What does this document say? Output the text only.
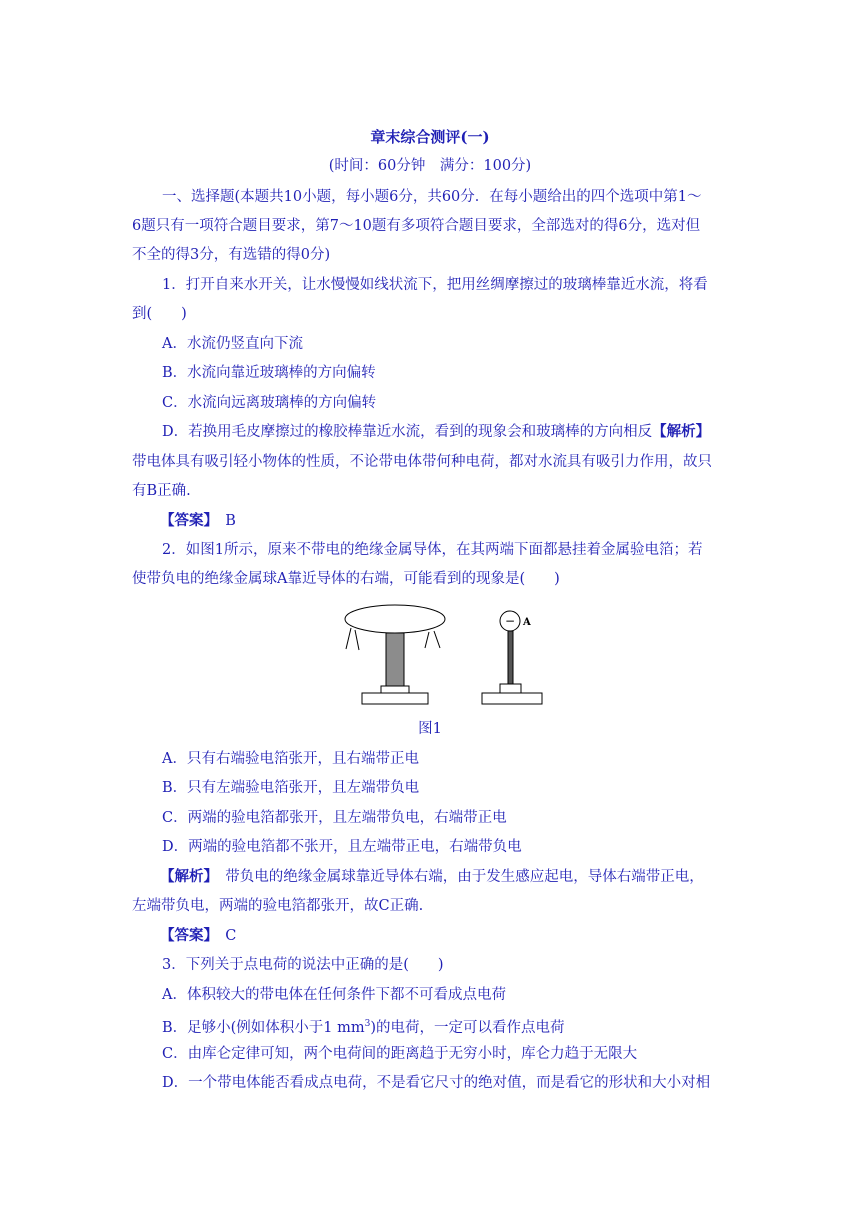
章末综合测评(一)
(时间：60分钟　满分：100分)
一、选择题(本题共10小题，每小题6分，共60分．在每小题给出的四个选项中第1～
6题只有一项符合题目要求，第7～10题有多项符合题目要求，全部选对的得6分，选对但
不全的得3分，有选错的得0分)
1．打开自来水开关，让水慢慢如线状流下，把用丝绸摩擦过的玻璃棒靠近水流，将看
到(　　)
A．水流仍竖直向下流
B．水流向靠近玻璃棒的方向偏转
C．水流向远离玻璃棒的方向偏转
D．若换用毛皮摩擦过的橡胶棒靠近水流，看到的现象会和玻璃棒的方向相反【解析】
带电体具有吸引轻小物体的性质，不论带电体带何种电荷，都对水流具有吸引力作用，故只
有B正确.
【答案】　 B
2．如图1所示，原来不带电的绝缘金属导体，在其两端下面都悬挂着金属验电箔；若
使带负电的绝缘金属球A靠近导体的右端，可能看到的现象是(　　)
− A
图1
A．只有右端验电箔张开，且右端带正电
B．只有左端验电箔张开，且左端带负电
C．两端的验电箔都张开，且左端带负电，右端带正电
D．两端的验电箔都不张开，且左端带正电，右端带负电
【解析】　 带负电的绝缘金属球靠近导体右端，由于发生感应起电，导体右端带正电，
左端带负电，两端的验电箔都张开，故C正确.
【答案】　 C
3．下列关于点电荷的说法中正确的是(　　)
A．体积较大的带电体在任何条件下都不可看成点电荷
B．足够小(例如体积小于1 $mm^3$)的电荷，一定可以看作点电荷
C．由库仑定律可知，两个电荷间的距离趋于无穷小时，库仑力趋于无限大
D．一个带电体能否看成点电荷，不是看它尺寸的绝对值，而是看它的形状和大小对相
